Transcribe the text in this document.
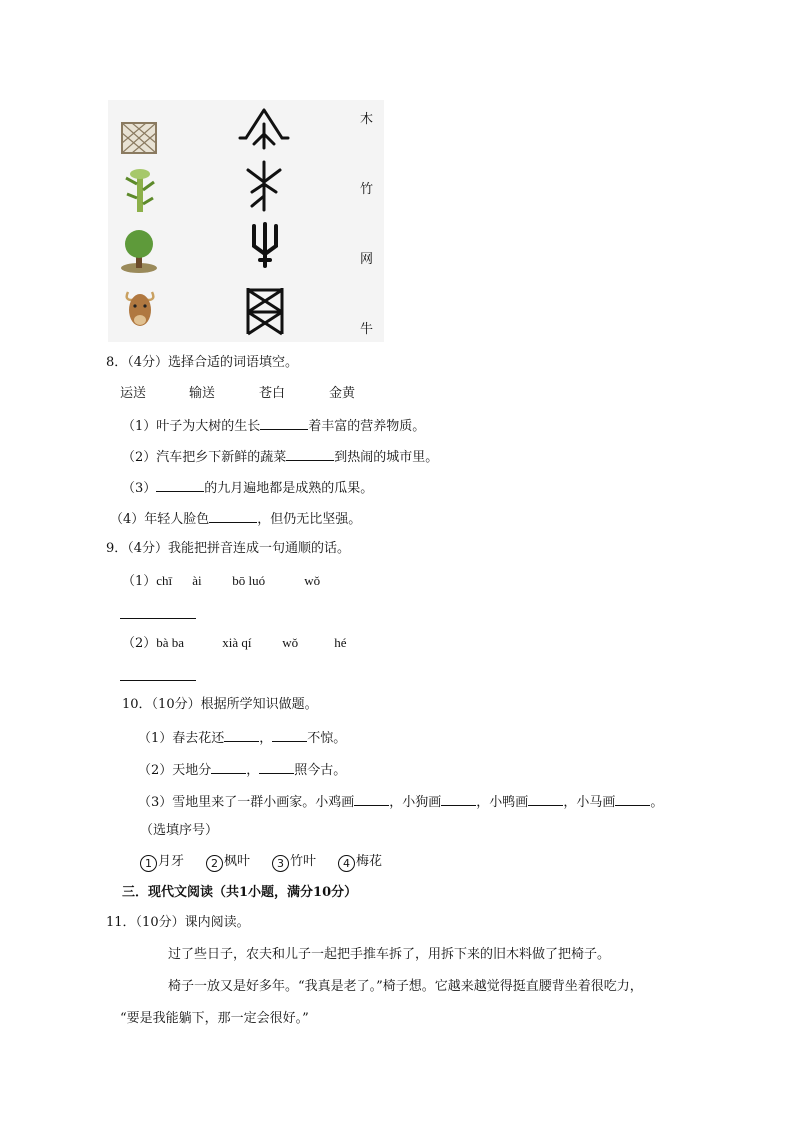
木
竹
网
牛
8．（4分）选择合适的词语填空。
运送	输送	苍白	金黄
（1）叶子为大树的生长	着丰富的营养物质。
（2）汽车把乡下新鲜的蔬菜	到热闹的城市里。
（3）	的九月遍地都是成熟的瓜果。
（4）年轻人脸色	，但仍无比坚强。
9．（4分）我能把拼音连成一句通顺的话。
（1）chī ài bō luó	wǒ
（2）bà ba	xià qí wǒ	hé
10．（10分）根据所学知识做题。
（1）春去花还	，	不惊。
（2）天地分	，	照今古。
（3）雪地里来了一群小画家。小鸡画	，小狗画	，小鸭画	，小马画	。
（选填序号）
1 月牙 2 枫叶 3 竹叶 4 梅花
三．现代文阅读（共1小题，满分10分）
11．（10分）课内阅读。
过了些日子，农夫和儿子一起把手推车拆了，用拆下来的旧木料做了把椅子。
椅子一放又是好多年。“我真是老了。”椅子想。它越来越觉得挺直腰背坐着很吃力，
“要是我能躺下，那一定会很好。”
